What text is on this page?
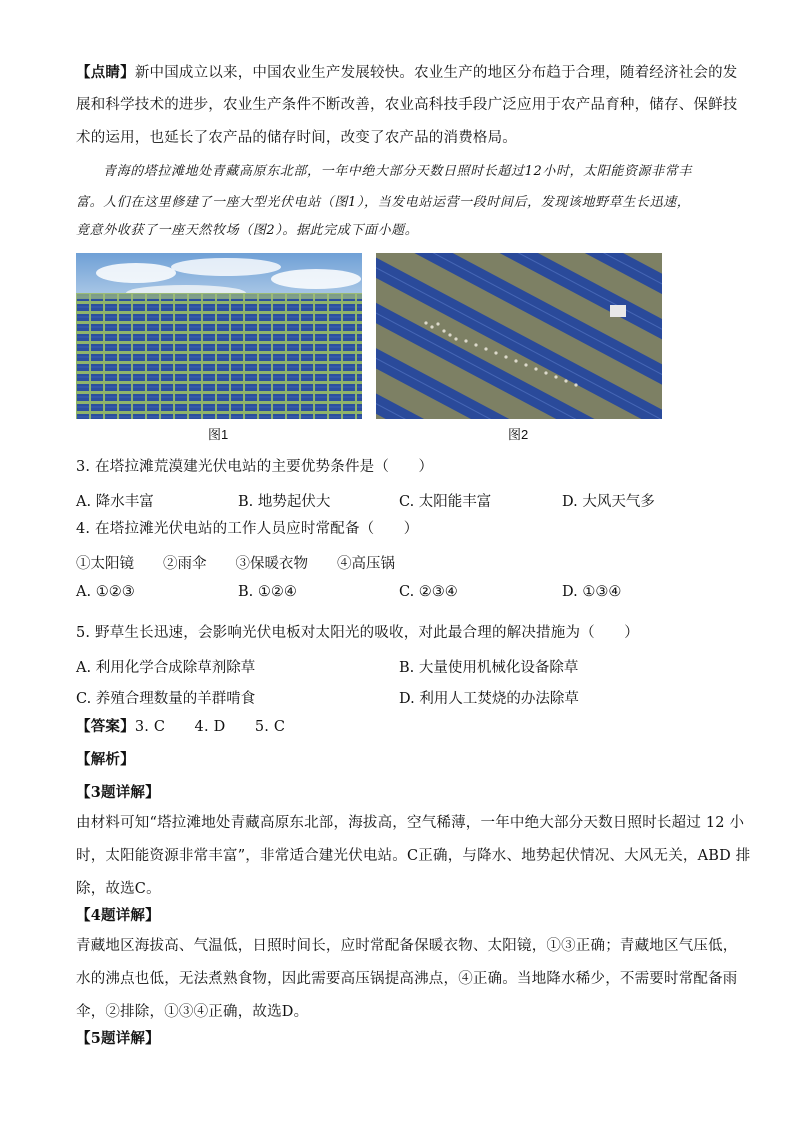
【点睛】新中国成立以来，中国农业生产发展较快。农业生产的地区分布趋于合理，随着经济社会的发
展和科学技术的进步，农业生产条件不断改善，农业高科技手段广泛应用于农产品育种，储存、保鲜技
术的运用，也延长了农产品的储存时间，改变了农产品的消费格局。
青海的塔拉滩地处青藏高原东北部，一年中绝大部分天数日照时长超过12小时，太阳能资源非常丰
富。人们在这里修建了一座大型光伏电站（图1），当发电站运营一段时间后，发现该地野草生长迅速，
竟意外收获了一座天然牧场（图2）。据此完成下面小题。
图1	图2
3. 在塔拉滩荒漠建光伏电站的主要优势条件是（　　）
A. 降水丰富	B. 地势起伏大	C. 太阳能丰富	D. 大风天气多
4. 在塔拉滩光伏电站的工作人员应时常配备（　　）
①太阳镜　　②雨伞　　③保暖衣物　　④高压锅
A. ①②③	B. ①②④	C. ②③④	D. ①③④
5. 野草生长迅速，会影响光伏电板对太阳光的吸收，对此最合理的解决措施为（　　）
A. 利用化学合成除草剂除草	B. 大量使用机械化设备除草
C. 养殖合理数量的羊群啃食	D. 利用人工焚烧的办法除草
【答案】3. C　　4. D　　5. C
【解析】
【3题详解】
由材料可知“塔拉滩地处青藏高原东北部，海拔高，空气稀薄，一年中绝大部分天数日照时长超过 12 小
时，太阳能资源非常丰富”，非常适合建光伏电站。C正确，与降水、地势起伏情况、大风无关，ABD 排
除，故选C。
【4题详解】
青藏地区海拔高、气温低，日照时间长，应时常配备保暖衣物、太阳镜，①③正确；青藏地区气压低，
水的沸点也低，无法煮熟食物，因此需要高压锅提高沸点，④正确。当地降水稀少，不需要时常配备雨
伞，②排除，①③④正确，故选D。
【5题详解】
